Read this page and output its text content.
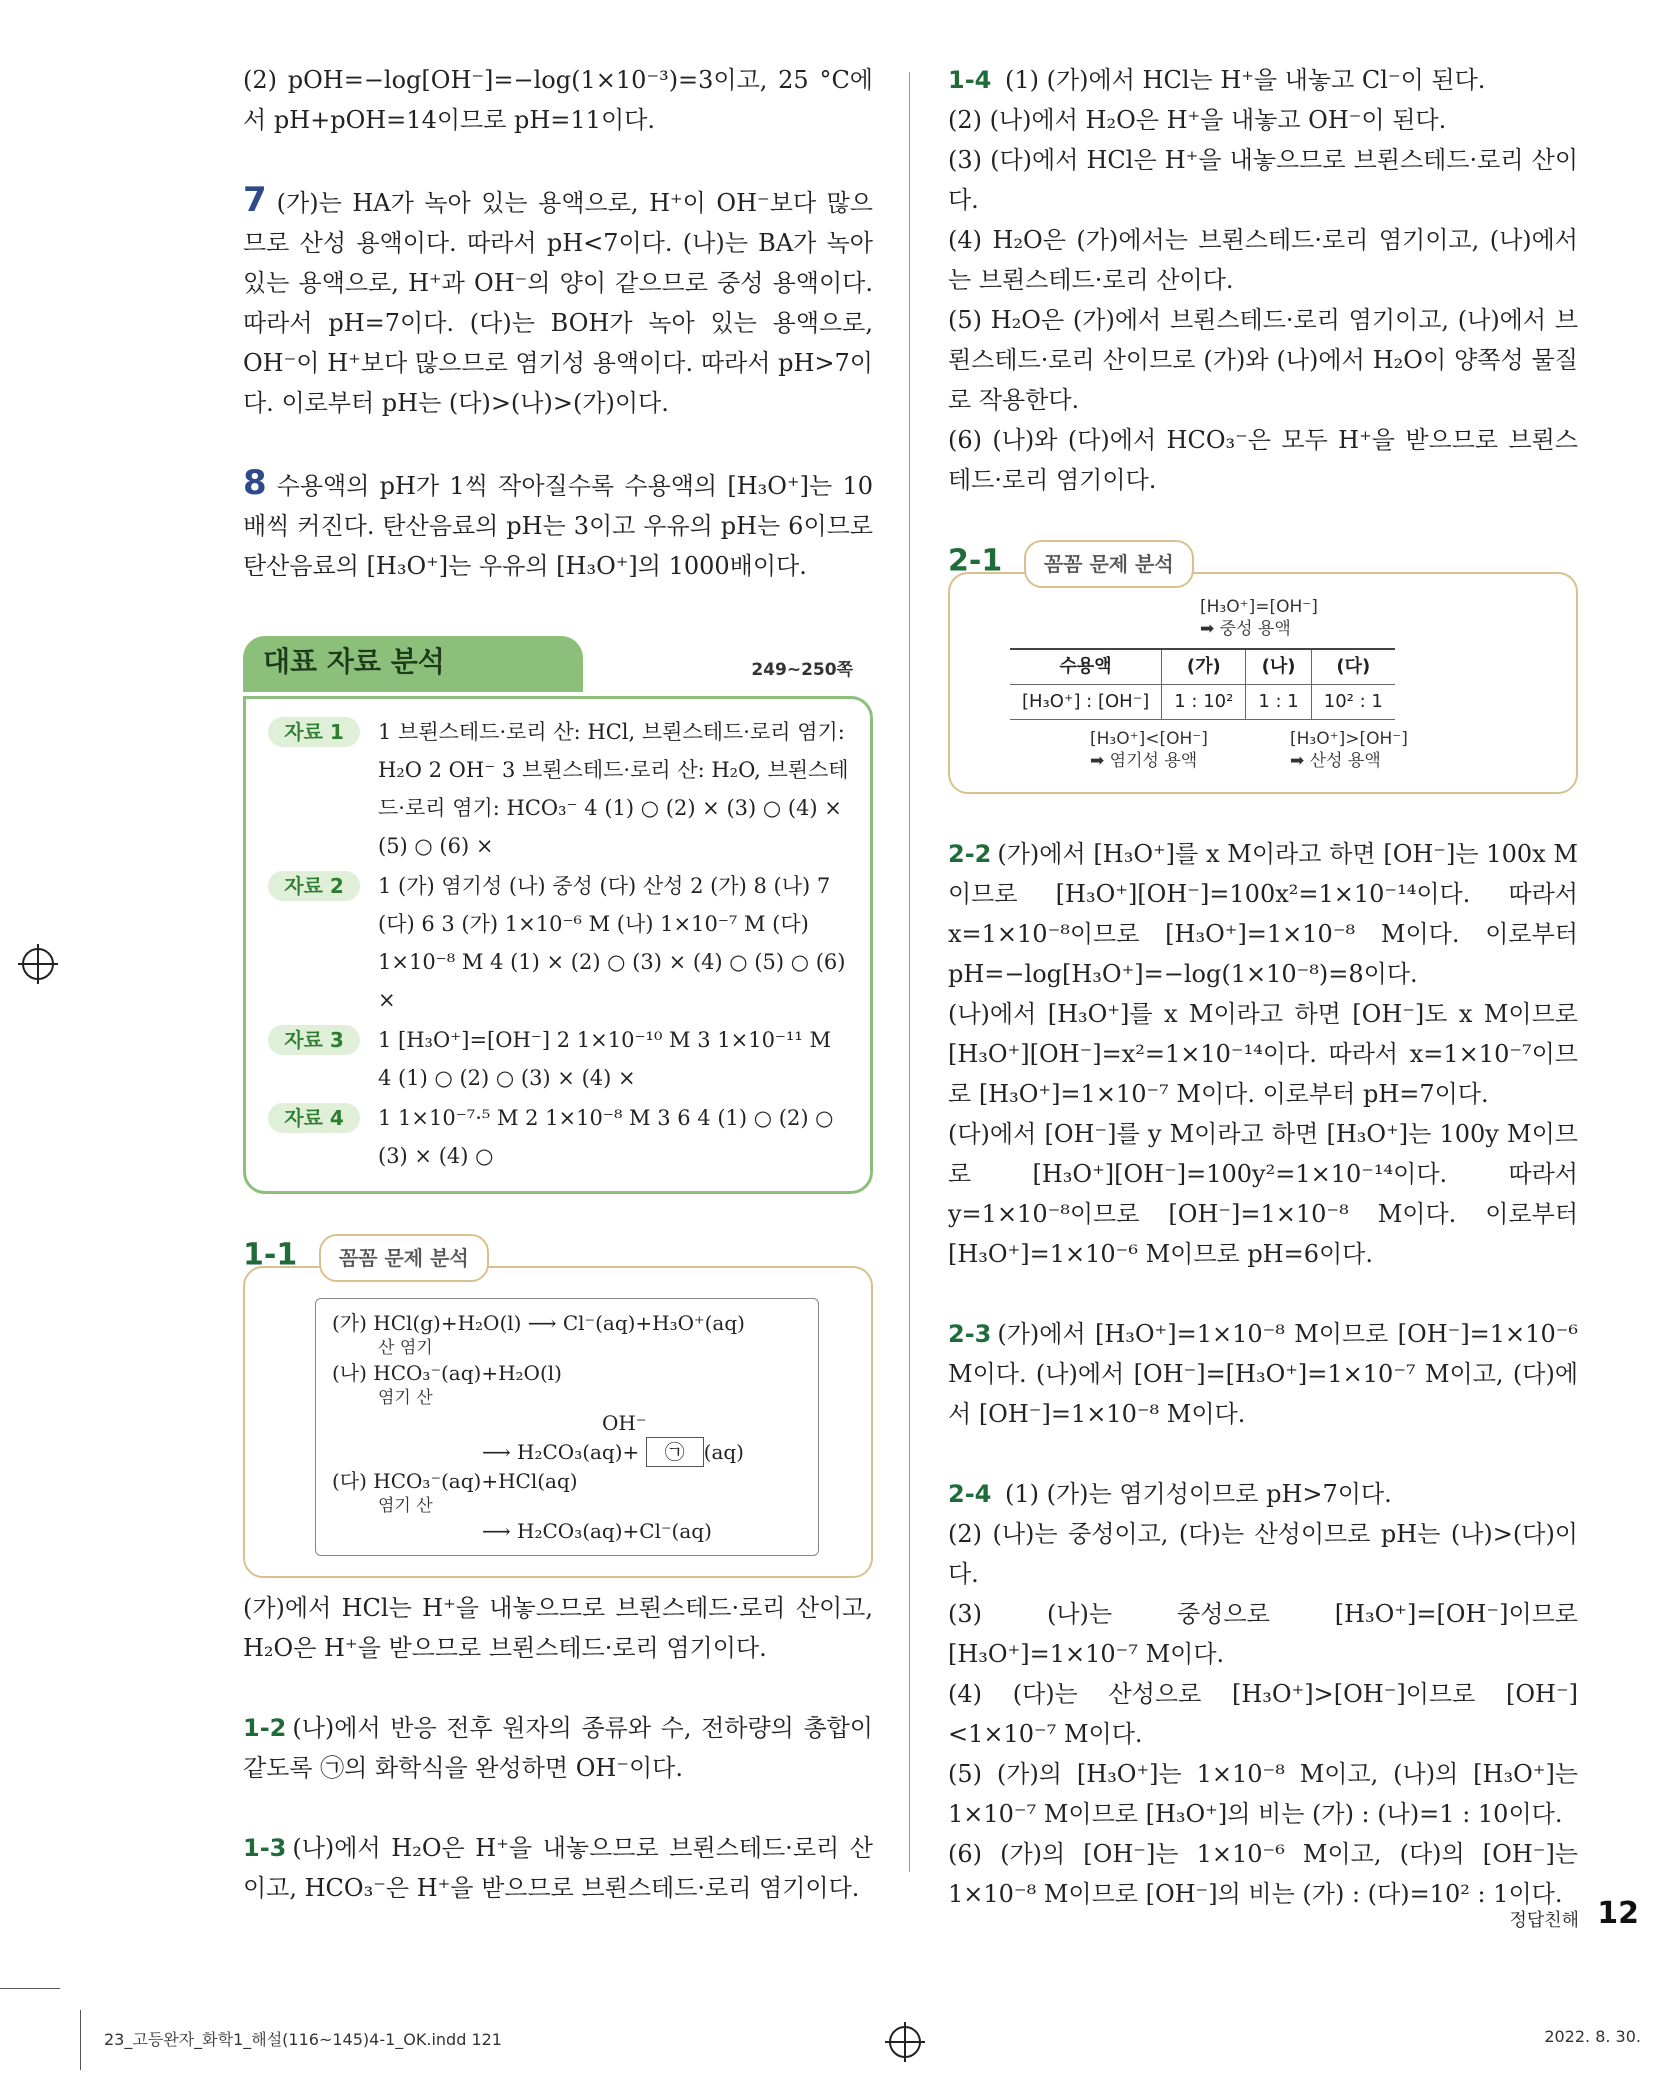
(2) pOH=−log[OH⁻]=−log(1×10⁻³)=3이고, 25 °C에서 pH+pOH=14이므로 pH=11이다.

7 (가)는 HA가 녹아 있는 용액으로, H⁺이 OH⁻보다 많으므로 산성 용액이다. 따라서 pH<7이다. (나)는 BA가 녹아 있는 용액으로, H⁺과 OH⁻의 양이 같으므로 중성 용액이다. 따라서 pH=7이다. (다)는 BOH가 녹아 있는 용액으로, OH⁻이 H⁺보다 많으므로 염기성 용액이다. 따라서 pH>7이다. 이로부터 pH는 (다)>(나)>(가)이다.

8 수용액의 pH가 1씩 작아질수록 수용액의 [H₃O⁺]는 10배씩 커진다. 탄산음료의 pH는 3이고 우유의 pH는 6이므로 탄산음료의 [H₃O⁺]는 우유의 [H₃O⁺]의 1000배이다.

대표 자료 분석	249~250쪽
자료 1	1 브뢴스테드·로리 산: HCl, 브뢴스테드·로리 염기: H₂O 2 OH⁻ 3 브뢴스테드·로리 산: H₂O, 브뢴스테드·로리 염기: HCO₃⁻ 4 (1) ○ (2) × (3) ○ (4) × (5) ○ (6) ×
자료 2	1 (가) 염기성 (나) 중성 (다) 산성 2 (가) 8 (나) 7 (다) 6 3 (가) 1×10⁻⁶ M (나) 1×10⁻⁷ M (다) 1×10⁻⁸ M 4 (1) × (2) ○ (3) × (4) ○ (5) ○ (6) ×
자료 3	1 [H₃O⁺]=[OH⁻] 2 1×10⁻¹⁰ M 3 1×10⁻¹¹ M 4 (1) ○ (2) ○ (3) × (4) ×
자료 4	1 1×10⁻⁷·⁵ M 2 1×10⁻⁸ M 3 6 4 (1) ○ (2) ○ (3) × (4) ○
1-1 꼼꼼 문제 분석
(가) HCl(g)+H₂O(l) ⟶ Cl⁻(aq)+H₃O⁺(aq)
산 염기
(나) HCO₃⁻(aq)+H₂O(l)
염기 산
OH⁻
⟶ H₂CO₃(aq)+ ㉠ (aq)
(다) HCO₃⁻(aq)+HCl(aq)
염기 산
⟶ H₂CO₃(aq)+Cl⁻(aq)

(가)에서 HCl는 H⁺을 내놓으므로 브뢴스테드·로리 산이고, H₂O은 H⁺을 받으므로 브뢴스테드·로리 염기이다.

1-2 (나)에서 반응 전후 원자의 종류와 수, 전하량의 총합이 같도록 ㉠의 화학식을 완성하면 OH⁻이다.

1-3 (나)에서 H₂O은 H⁺을 내놓으므로 브뢴스테드·로리 산이고, HCO₃⁻은 H⁺을 받으므로 브뢴스테드·로리 염기이다.

1-4 (1) (가)에서 HCl는 H⁺을 내놓고 Cl⁻이 된다.

(2) (나)에서 H₂O은 H⁺을 내놓고 OH⁻이 된다.

(3) (다)에서 HCl은 H⁺을 내놓으므로 브뢴스테드·로리 산이다.

(4) H₂O은 (가)에서는 브뢴스테드·로리 염기이고, (나)에서는 브뢴스테드·로리 산이다.

(5) H₂O은 (가)에서 브뢴스테드·로리 염기이고, (나)에서 브뢴스테드·로리 산이므로 (가)와 (나)에서 H₂O이 양쪽성 물질로 작용한다.

(6) (나)와 (다)에서 HCO₃⁻은 모두 H⁺을 받으므로 브뢴스테드·로리 염기이다.

2-1 꼼꼼 문제 분석
[H₃O⁺]=[OH⁻]
➡ 중성 용액
수용액	(가)	(나)	(다)
[H₃O⁺] : [OH⁻]	1 : 10²	1 : 1	10² : 1
[H₃O⁺]<[OH⁻]
➡ 염기성 용액
[H₃O⁺]>[OH⁻]
➡ 산성 용액

2-2 (가)에서 [H₃O⁺]를 x M이라고 하면 [OH⁻]는 100x M이므로 [H₃O⁺][OH⁻]=100x²=1×10⁻¹⁴이다. 따라서 x=1×10⁻⁸이므로 [H₃O⁺]=1×10⁻⁸ M이다. 이로부터 pH=−log[H₃O⁺]=−log(1×10⁻⁸)=8이다.

(나)에서 [H₃O⁺]를 x M이라고 하면 [OH⁻]도 x M이므로 [H₃O⁺][OH⁻]=x²=1×10⁻¹⁴이다. 따라서 x=1×10⁻⁷이므로 [H₃O⁺]=1×10⁻⁷ M이다. 이로부터 pH=7이다.

(다)에서 [OH⁻]를 y M이라고 하면 [H₃O⁺]는 100y M이므로 [H₃O⁺][OH⁻]=100y²=1×10⁻¹⁴이다. 따라서 y=1×10⁻⁸이므로 [OH⁻]=1×10⁻⁸ M이다. 이로부터 [H₃O⁺]=1×10⁻⁶ M이므로 pH=6이다.

2-3 (가)에서 [H₃O⁺]=1×10⁻⁸ M이므로 [OH⁻]=1×10⁻⁶ M이다. (나)에서 [OH⁻]=[H₃O⁺]=1×10⁻⁷ M이고, (다)에서 [OH⁻]=1×10⁻⁸ M이다.

2-4 (1) (가)는 염기성이므로 pH>7이다.

(2) (나)는 중성이고, (다)는 산성이므로 pH는 (나)>(다)이다.

(3) (나)는 중성으로 [H₃O⁺]=[OH⁻]이므로 [H₃O⁺]=1×10⁻⁷ M이다.

(4) (다)는 산성으로 [H₃O⁺]>[OH⁻]이므로 [OH⁻]<1×10⁻⁷ M이다.

(5) (가)의 [H₃O⁺]는 1×10⁻⁸ M이고, (나)의 [H₃O⁺]는 1×10⁻⁷ M이므로 [H₃O⁺]의 비는 (가) : (나)=1 : 10이다.

(6) (가)의 [OH⁻]는 1×10⁻⁶ M이고, (다)의 [OH⁻]는 1×10⁻⁸ M이므로 [OH⁻]의 비는 (가) : (다)=10² : 1이다.

정답친해 12
23_고등완자_화학1_해설(116~145)4-1_OK.indd 121	2022. 8. 30.
